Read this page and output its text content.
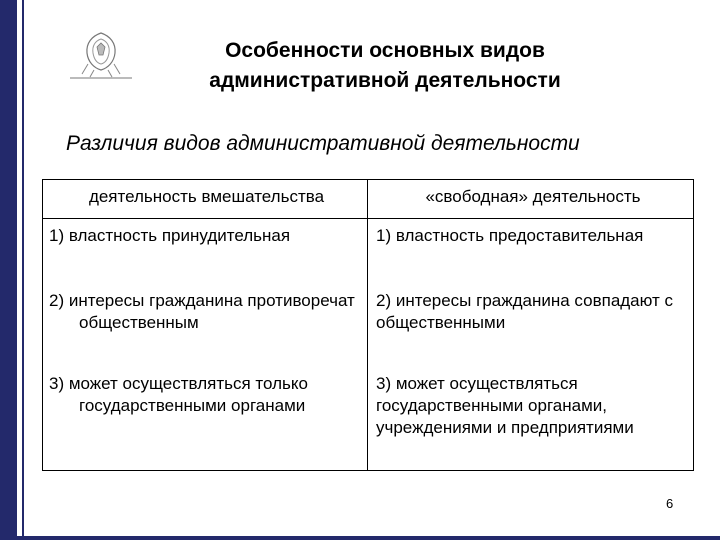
Особенности основных видов
административной деятельности
Различия видов административной деятельности
деятельность вмешательства	«свободная» деятельность
1) властность принудительная	1) властность предоставительная
2) интересы гражданина противоречат общественным
2) интересы гражданина совпадают с общественными
3) может осуществляться только государственными органами
3) может осуществляться государственными органами, учреждениями и предприятиями
6
